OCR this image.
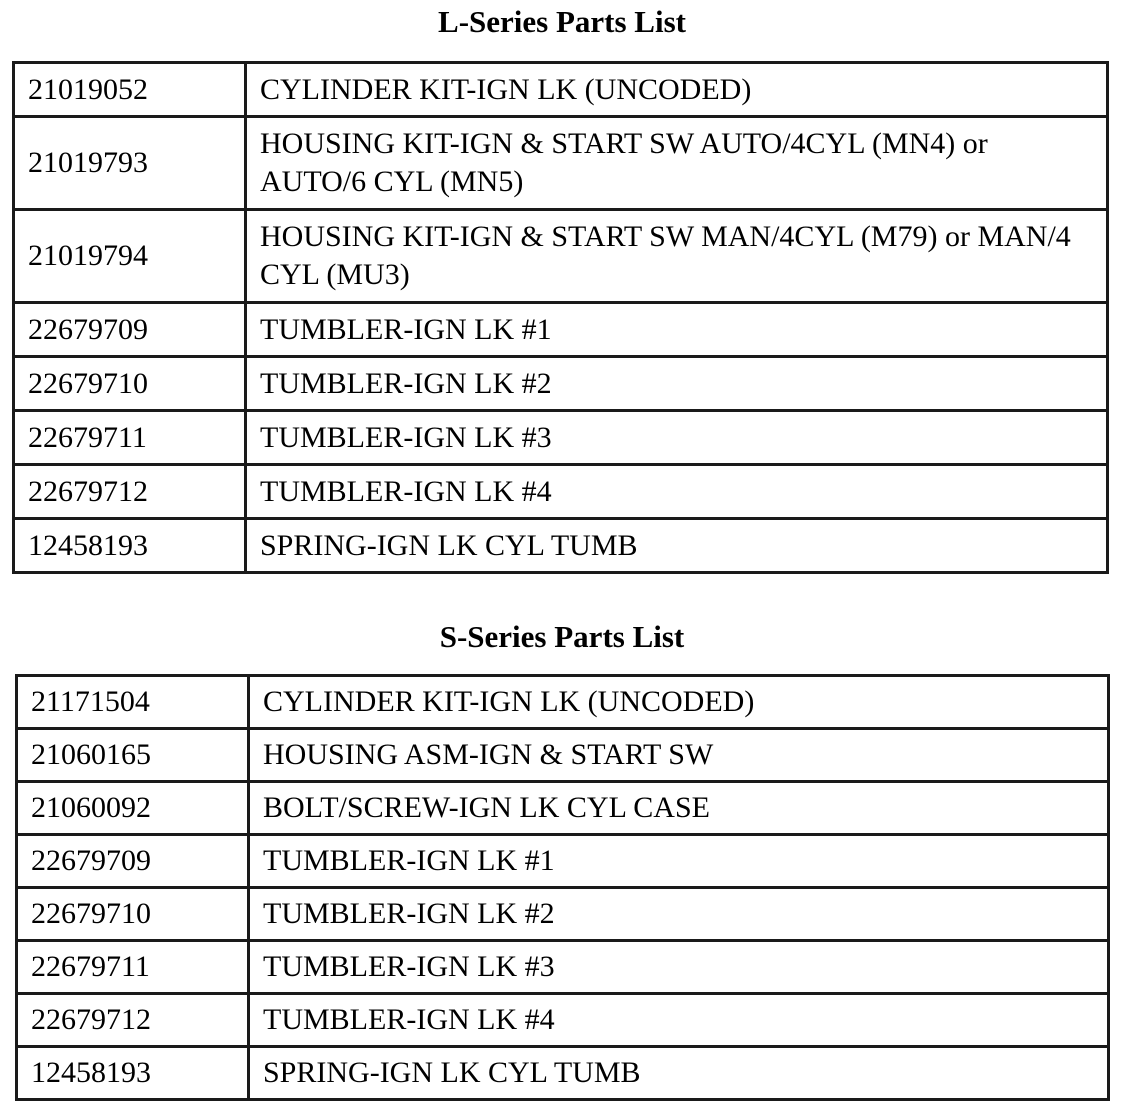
L-Series Parts List
21019052	CYLINDER KIT-IGN LK (UNCODED)
21019793	HOUSING KIT-IGN & START SW AUTO/4CYL (MN4) or AUTO/6 CYL (MN5)
21019794	HOUSING KIT-IGN & START SW MAN/4CYL (M79) or MAN/4 CYL (MU3)
22679709	TUMBLER-IGN LK #1
22679710	TUMBLER-IGN LK #2
22679711	TUMBLER-IGN LK #3
22679712	TUMBLER-IGN LK #4
12458193	SPRING-IGN LK CYL TUMB
S-Series Parts List
21171504	CYLINDER KIT-IGN LK (UNCODED)
21060165	HOUSING ASM-IGN & START SW
21060092	BOLT/SCREW-IGN LK CYL CASE
22679709	TUMBLER-IGN LK #1
22679710	TUMBLER-IGN LK #2
22679711	TUMBLER-IGN LK #3
22679712	TUMBLER-IGN LK #4
12458193	SPRING-IGN LK CYL TUMB
